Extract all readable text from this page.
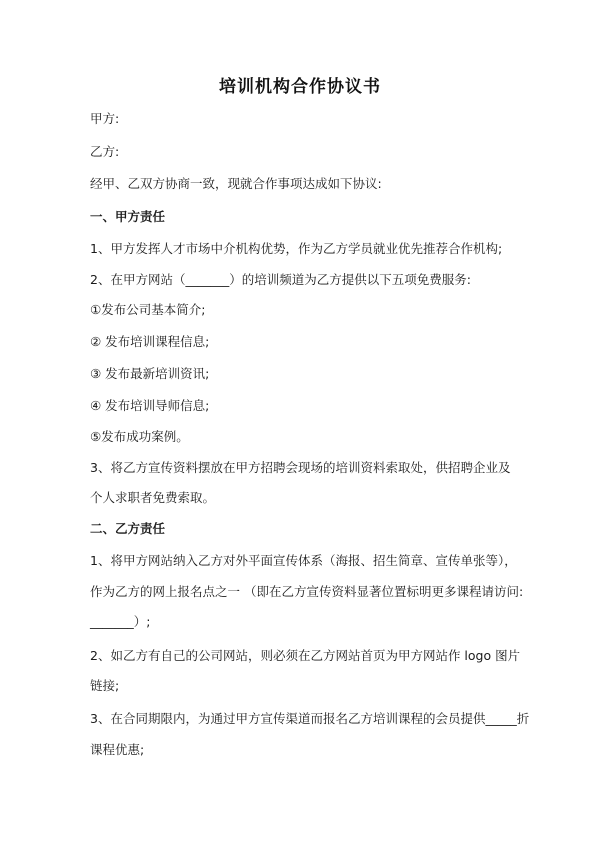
培训机构合作协议书
甲方:
乙方:
经甲、乙双方协商一致，现就合作事项达成如下协议:
一、甲方责任
1、甲方发挥人才市场中介机构优势，作为乙方学员就业优先推荐合作机构;
2、在甲方网站（_______）的培训频道为乙方提供以下五项免费服务:
①发布公司基本简介;
② 发布培训课程信息;
③ 发布最新培训资讯;
④ 发布培训导师信息;
⑤发布成功案例。
3、将乙方宣传资料摆放在甲方招聘会现场的培训资料索取处，供招聘企业及
个人求职者免费索取。
二、乙方责任
1、将甲方网站纳入乙方对外平面宣传体系（海报、招生简章、宣传单张等），
作为乙方的网上报名点之一 （即在乙方宣传资料显著位置标明更多课程请访问:
_______）;
2、如乙方有自己的公司网站，则必须在乙方网站首页为甲方网站作 logo 图片
链接;
3、在合同期限内，为通过甲方宣传渠道而报名乙方培训课程的会员提供_____折
课程优惠;
